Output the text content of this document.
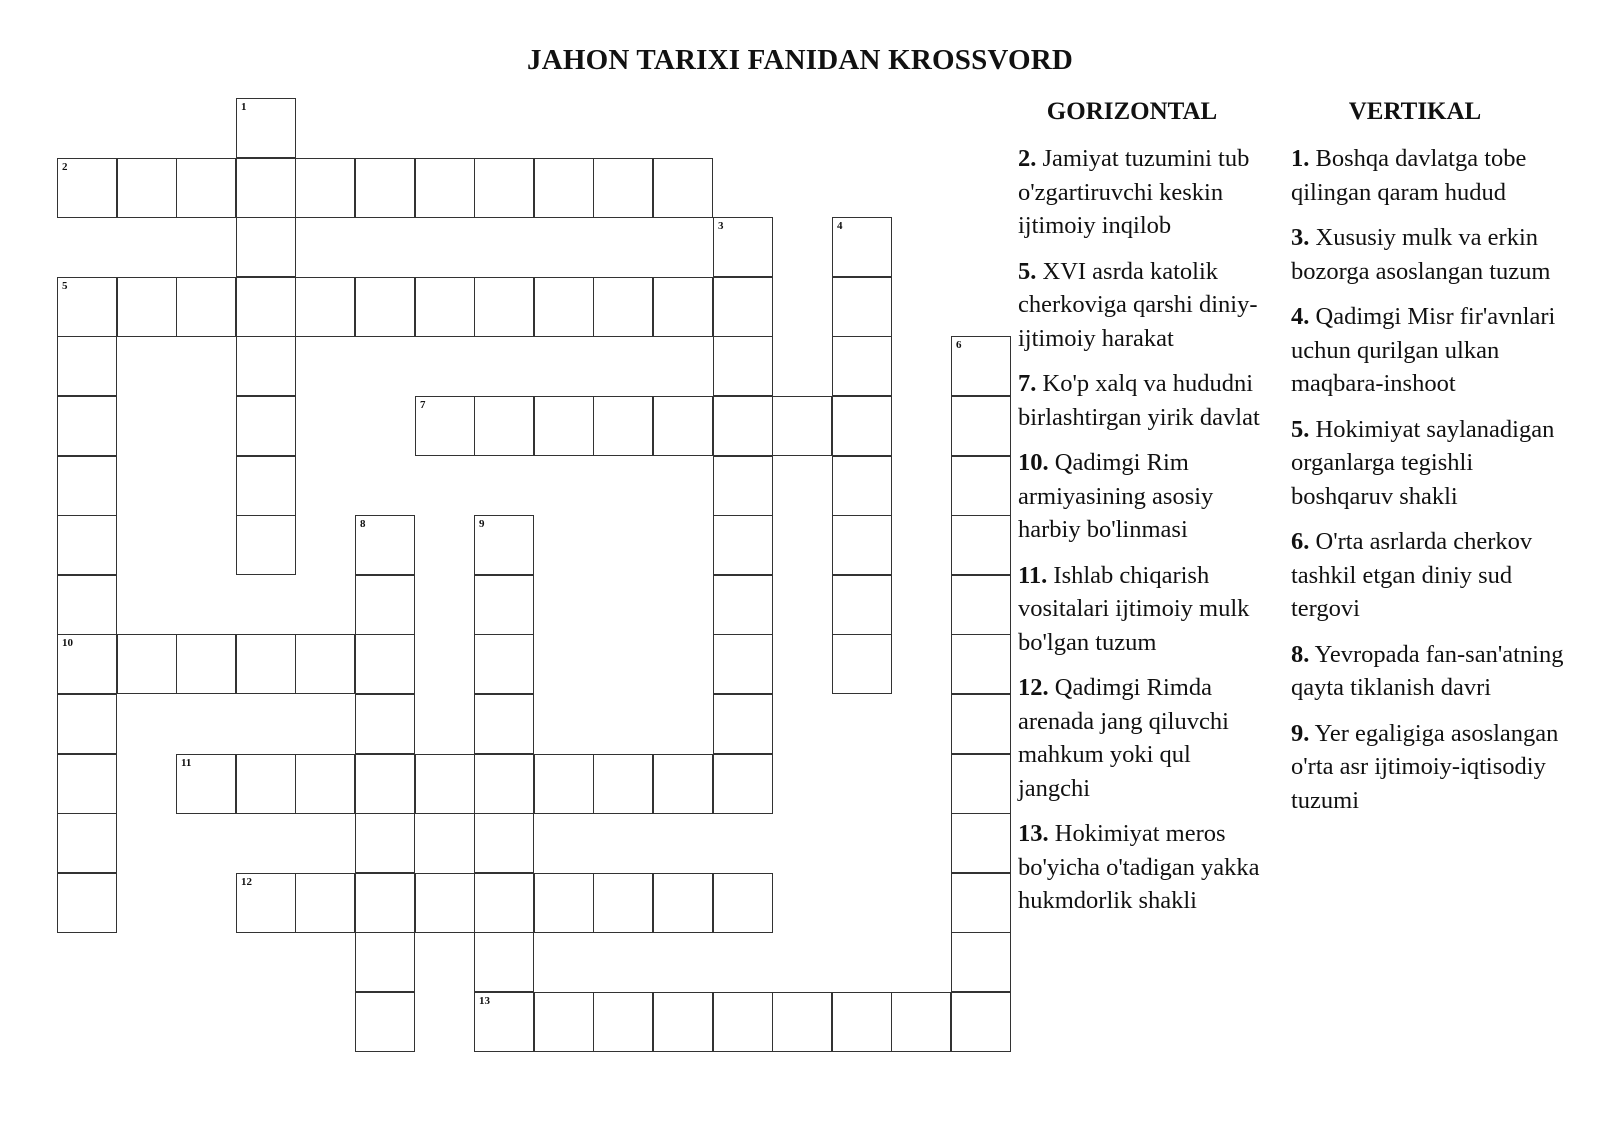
JAHON TARIXI FANIDAN KROSSVORD
1
2
3	4
5
10
6
7
8	9
11
12
13
GORIZONTAL	VERTIKAL
2. Jamiyat tuzumini tub o'zgartiruvchi keskin ijtimoiy inqilob
5. XVI asrda katolik cherkoviga qarshi diniy-ijtimoiy harakat
7. Ko'p xalq va hududni birlashtirgan yirik davlat
10. Qadimgi Rim armiyasining asosiy harbiy bo'linmasi
11. Ishlab chiqarish vositalari ijtimoiy mulk bo'lgan tuzum
12. Qadimgi Rimda arenada jang qiluvchi mahkum yoki qul jangchi
13. Hokimiyat meros bo'yicha o'tadigan yakka hukmdorlik shakli
1. Boshqa davlatga tobe qilingan qaram hudud
3. Xususiy mulk va erkin bozorga asoslangan tuzum
4. Qadimgi Misr fir'avnlari uchun qurilgan ulkan maqbara-inshoot
5. Hokimiyat saylanadigan organlarga tegishli boshqaruv shakli
6. O'rta asrlarda cherkov tashkil etgan diniy sud tergovi
8. Yevropada fan-san'atning qayta tiklanish davri
9. Yer egaligiga asoslangan o'rta asr ijtimoiy-iqtisodiy tuzumi
